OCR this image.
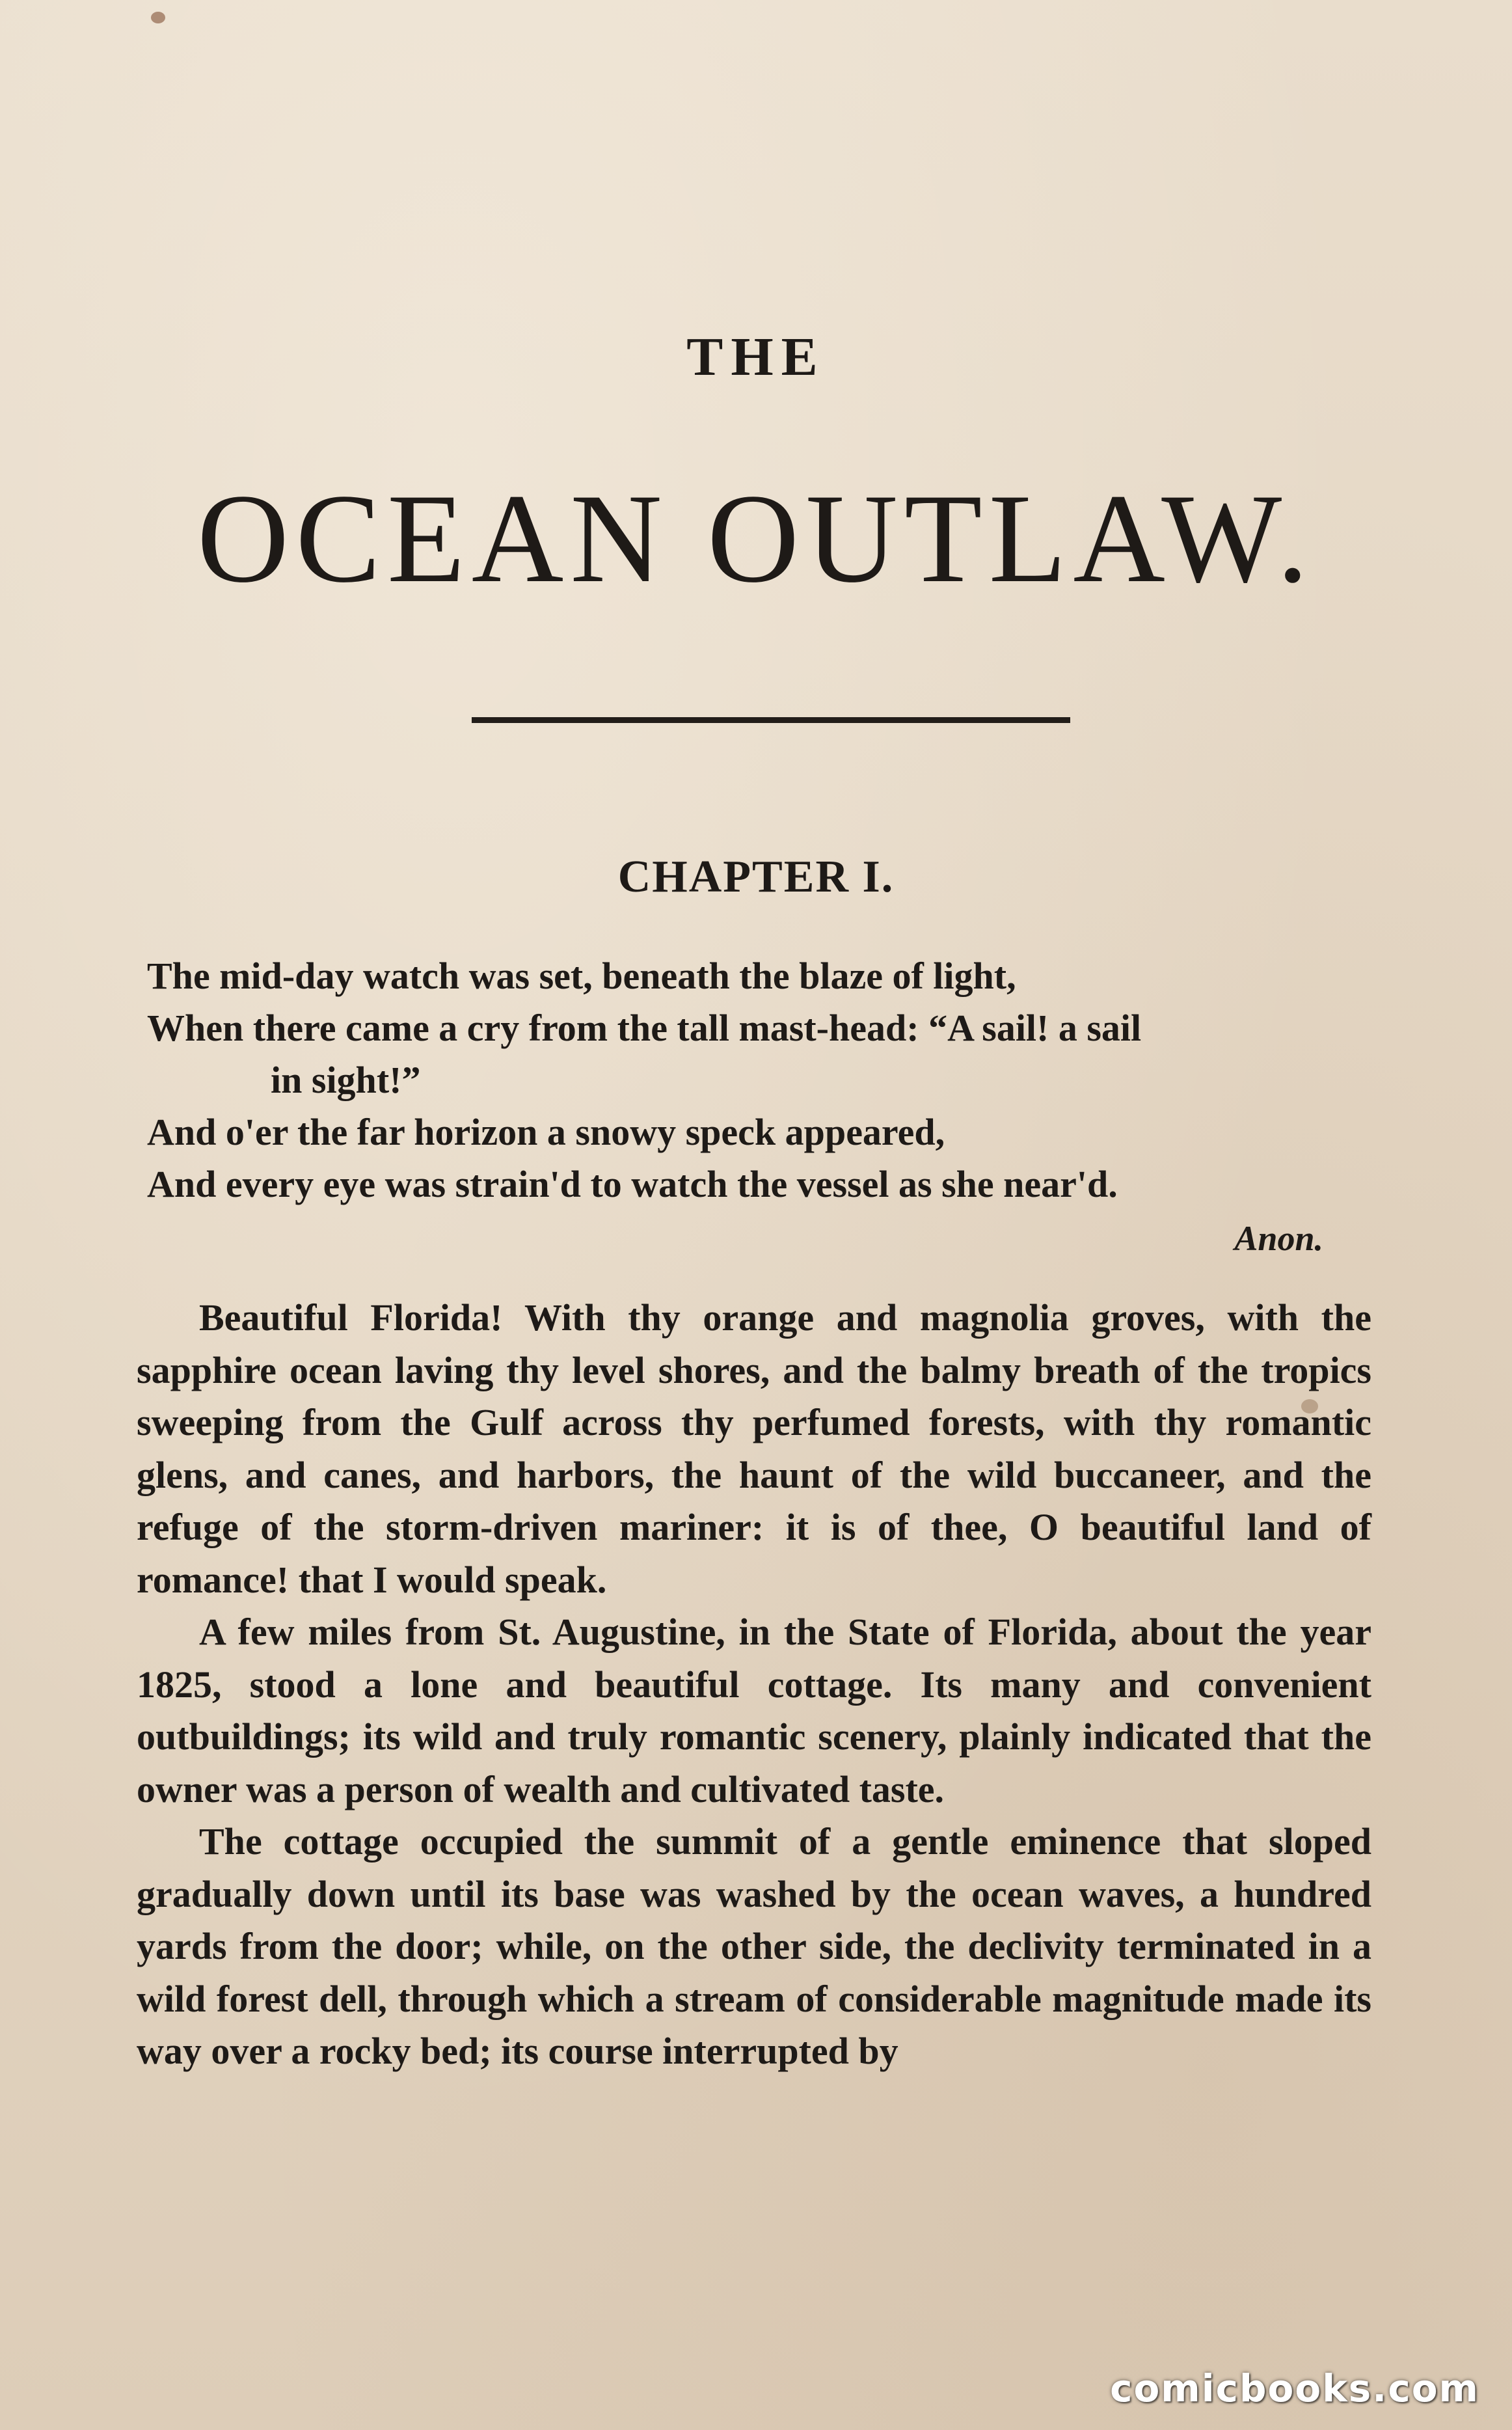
THE
OCEAN OUTLAW.
CHAPTER I.
The mid-day watch was set, beneath the blaze of light,
When there came a cry from the tall mast-head: “A sail! a sail
in sight!”
And o'er the far horizon a snowy speck appeared,
And every eye was strain'd to watch the vessel as she near'd.
Anon.

Beautiful Florida! With thy orange and magnolia groves, with the sapphire ocean laving thy level shores, and the balmy breath of the tropics sweeping from the Gulf across thy perfumed forests, with thy romantic glens, and canes, and harbors, the haunt of the wild buccaneer, and the refuge of the storm-driven mariner: it is of thee, O beautiful land of romance! that I would speak.

A few miles from St. Augustine, in the State of Florida, about the year 1825, stood a lone and beautiful cottage. Its many and convenient outbuildings; its wild and truly romantic scenery, plainly indicated that the owner was a person of wealth and cultivated taste.

The cottage occupied the summit of a gentle eminence that sloped gradually down until its base was washed by the ocean waves, a hundred yards from the door; while, on the other side, the declivity terminated in a wild forest dell, through which a stream of considerable magnitude made its way over a rocky bed; its course interrupted by

comicbooks.com
